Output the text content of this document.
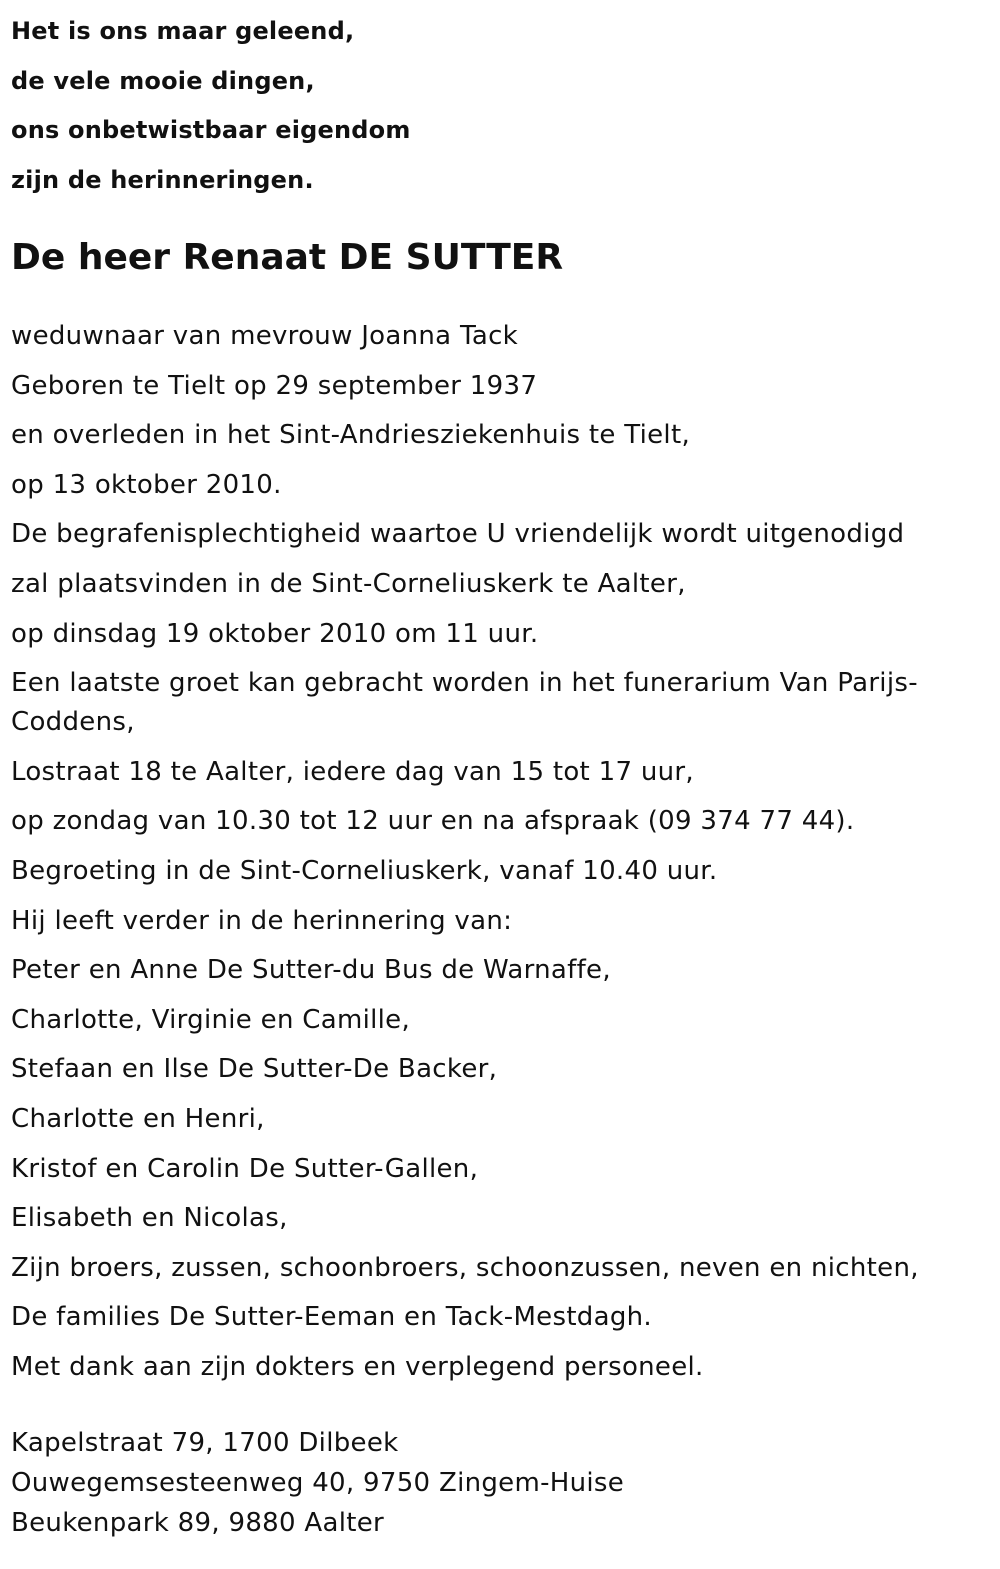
Het is ons maar geleend,
de vele mooie dingen,
ons onbetwistbaar eigendom
zijn de herinneringen.
De heer Renaat DE SUTTER
weduwnaar van mevrouw Joanna Tack
Geboren te Tielt op 29 september 1937
en overleden in het Sint-Andriesziekenhuis te Tielt,
op 13 oktober 2010.
De begrafenisplechtigheid waartoe U vriendelijk wordt uitgenodigd
zal plaatsvinden in de Sint-Corneliuskerk te Aalter,
op dinsdag 19 oktober 2010 om 11 uur.
Een laatste groet kan gebracht worden in het funerarium Van Parijs-Coddens,
Lostraat 18 te Aalter, iedere dag van 15 tot 17 uur,
op zondag van 10.30 tot 12 uur en na afspraak (09 374 77 44).
Begroeting in de Sint-Corneliuskerk, vanaf 10.40 uur.
Hij leeft verder in de herinnering van:
Peter en Anne De Sutter-du Bus de Warnaffe,
Charlotte, Virginie en Camille,
Stefaan en Ilse De Sutter-De Backer,
Charlotte en Henri,
Kristof en Carolin De Sutter-Gallen,
Elisabeth en Nicolas,
Zijn broers, zussen, schoonbroers, schoonzussen, neven en nichten,
De families De Sutter-Eeman en Tack-Mestdagh.
Met dank aan zijn dokters en verplegend personeel.
Kapelstraat 79, 1700 Dilbeek
Ouwegemsesteenweg 40, 9750 Zingem-Huise
Beukenpark 89, 9880 Aalter
